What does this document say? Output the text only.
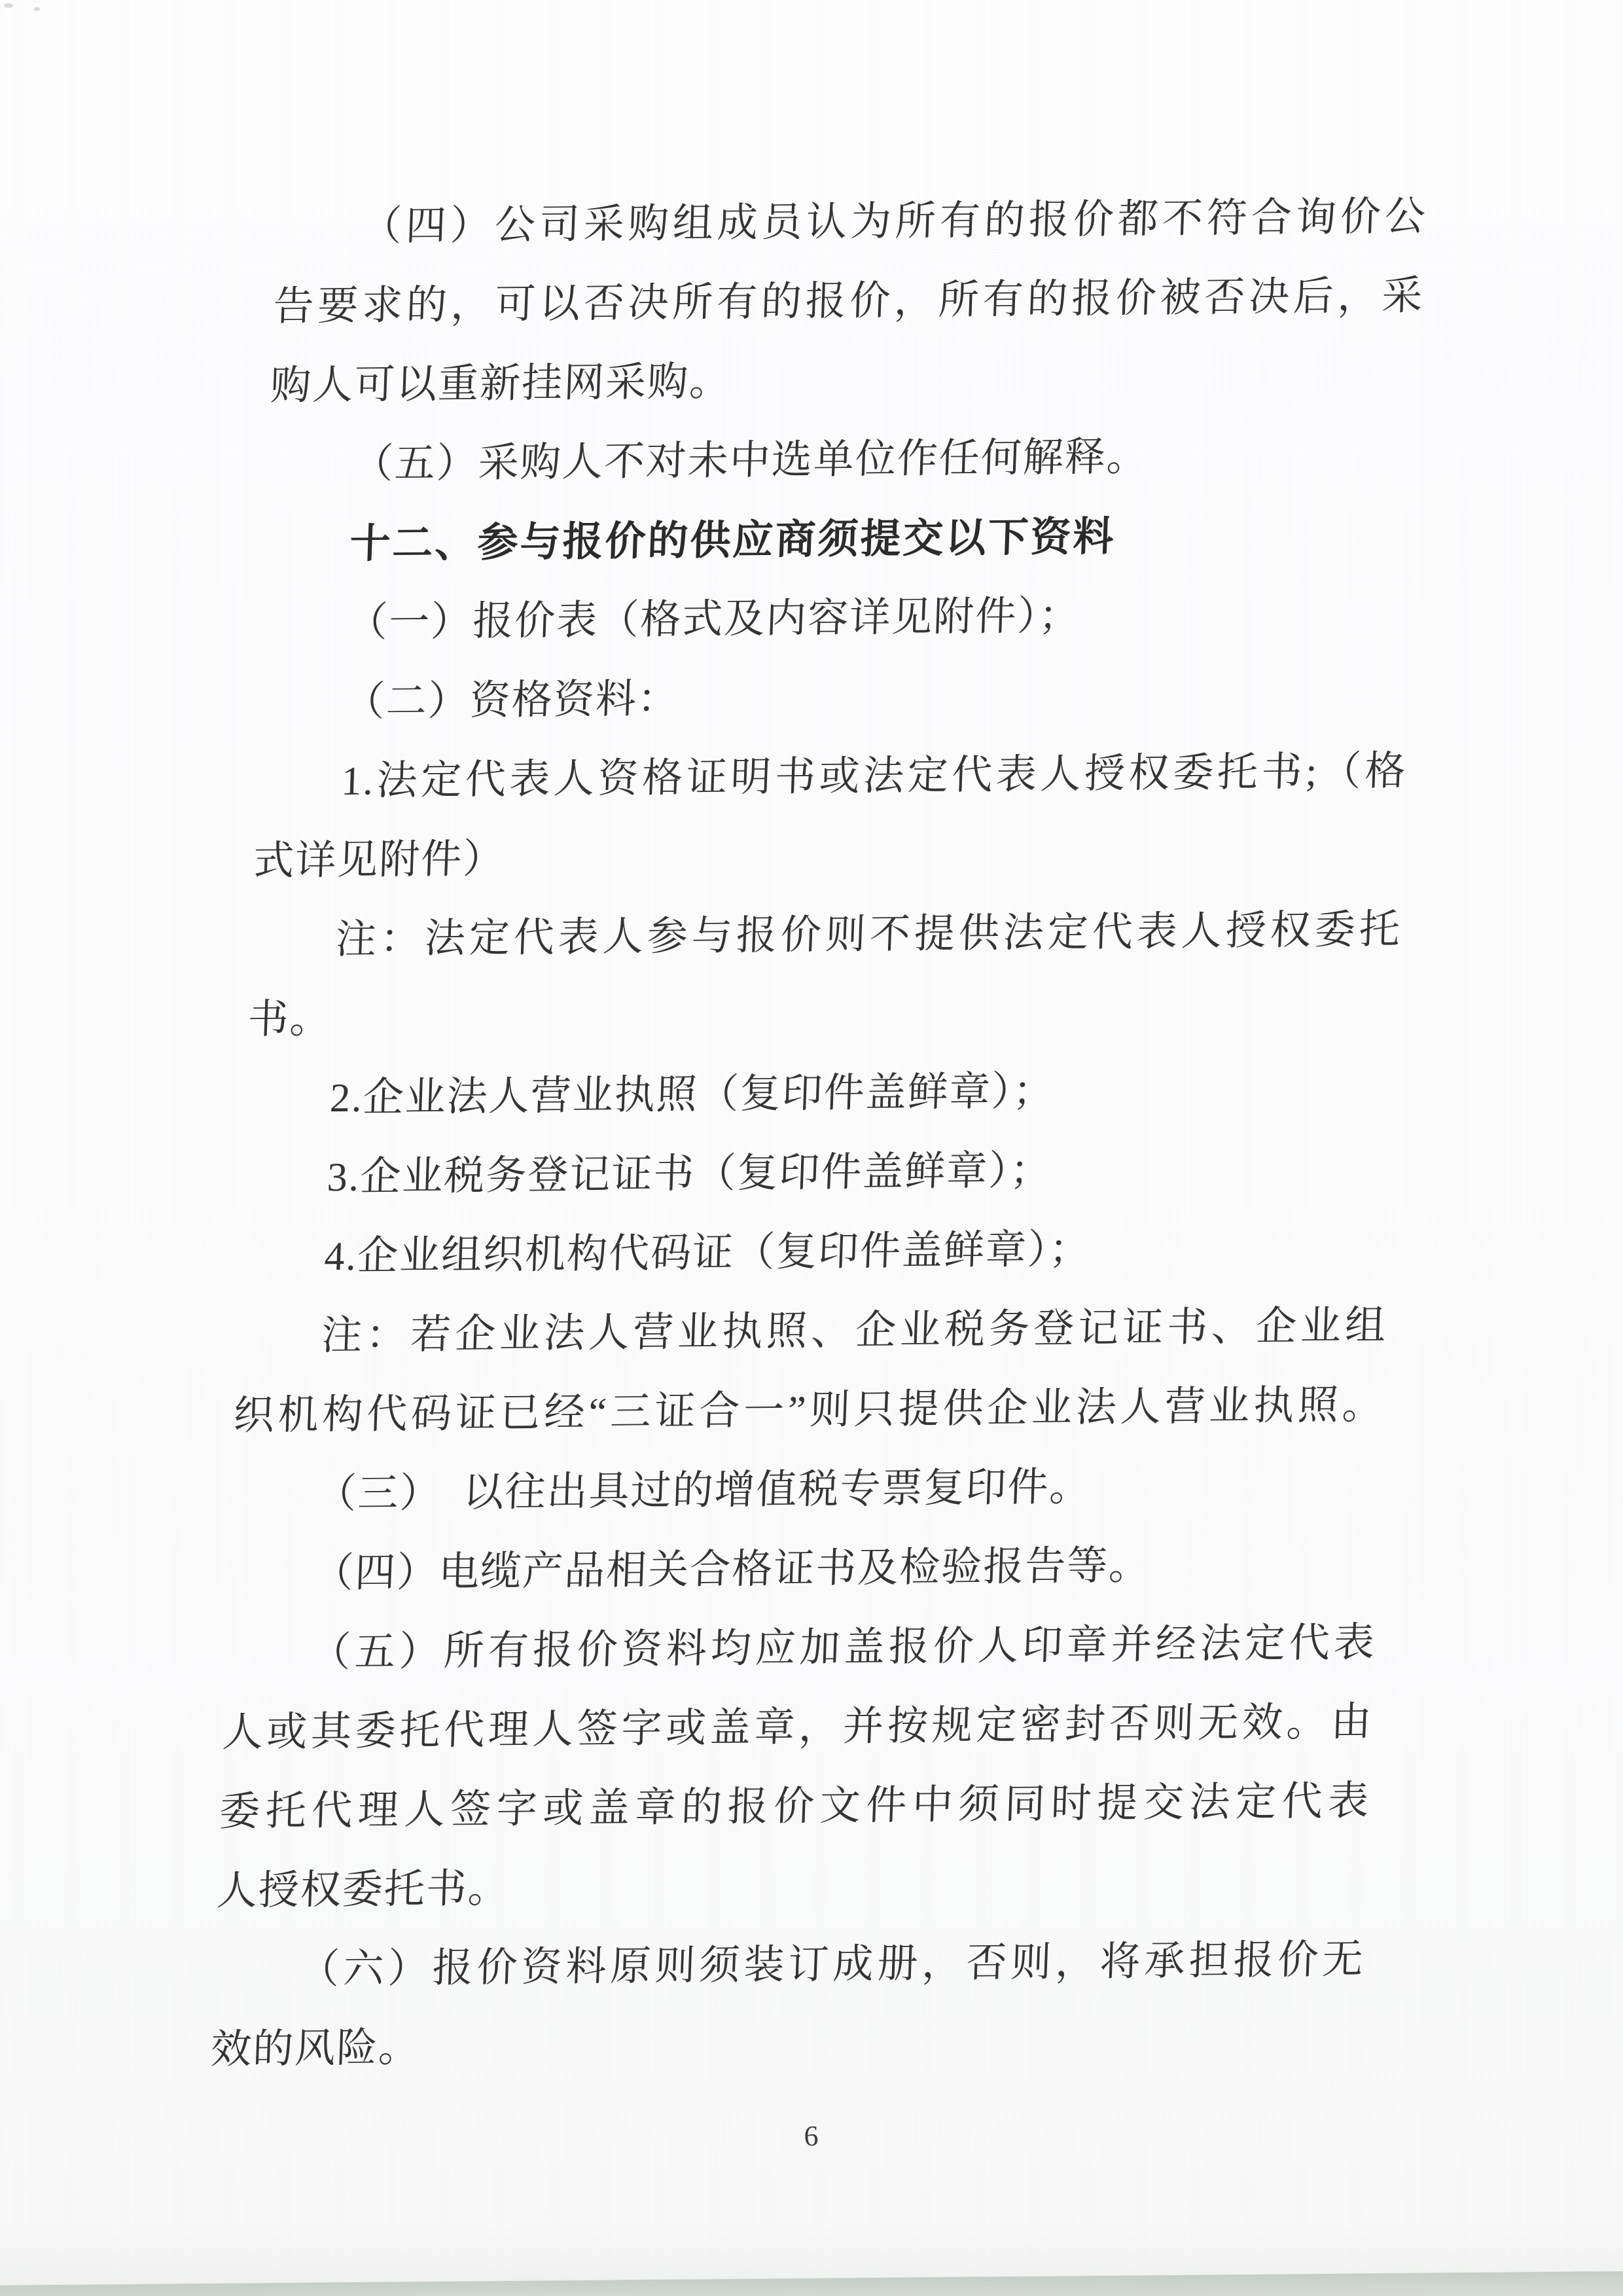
（四）公司采购组成员认为所有的报价都不符合询价公
告要求的，可以否决所有的报价，所有的报价被否决后，采
购人可以重新挂网采购。
（五）采购人不对未中选单位作任何解释。
十二、参与报价的供应商须提交以下资料
（一）报价表（格式及内容详见附件）；
（二）资格资料：
1.法定代表人资格证明书或法定代表人授权委托书;（格
式详见附件）
注：法定代表人参与报价则不提供法定代表人授权委托
书。
2.企业法人营业执照（复印件盖鲜章）；
3.企业税务登记证书（复印件盖鲜章）；
4.企业组织机构代码证（复印件盖鲜章）；
注：若企业法人营业执照、企业税务登记证书、企业组
织机构代码证已经“三证合一”则只提供企业法人营业执照。
（三）　以往出具过的增值税专票复印件。
（四）电缆产品相关合格证书及检验报告等。
（五）所有报价资料均应加盖报价人印章并经法定代表
人或其委托代理人签字或盖章，并按规定密封否则无效。由
委托代理人签字或盖章的报价文件中须同时提交法定代表
人授权委托书。
（六）报价资料原则须装订成册，否则，将承担报价无
效的风险。
6
